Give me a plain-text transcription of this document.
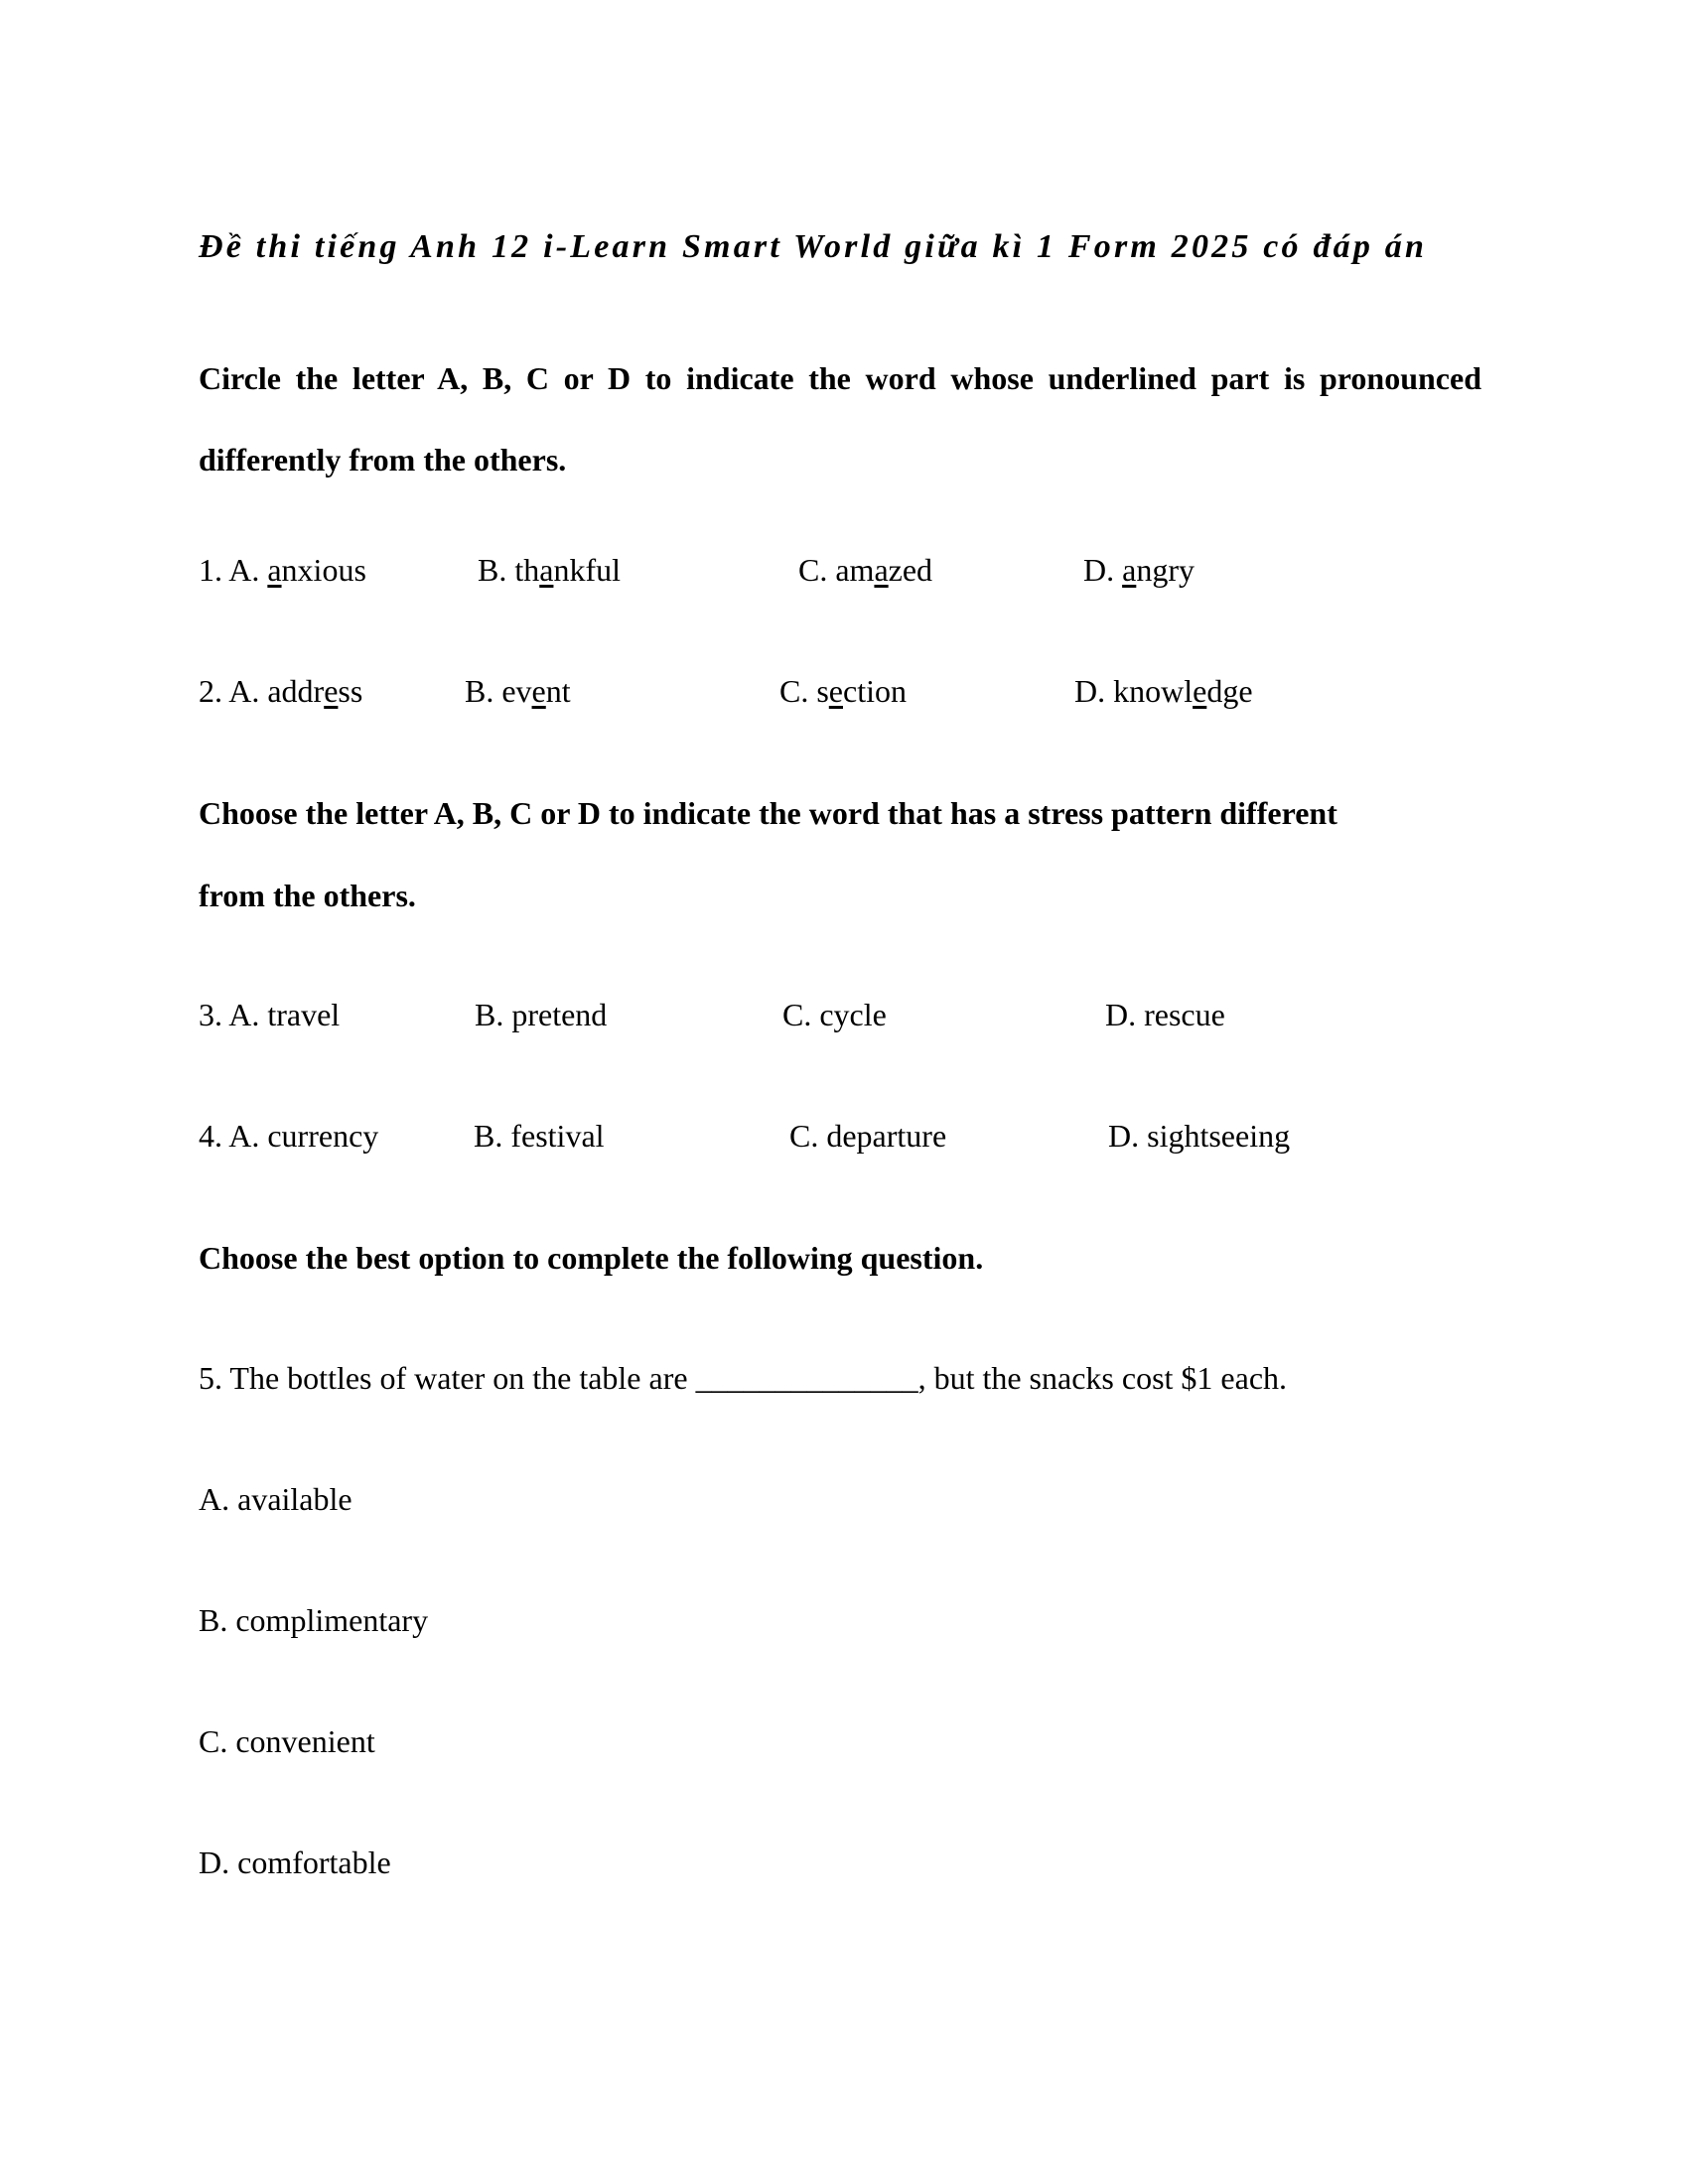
Đề thi tiếng Anh 12 i-Learn Smart World giữa kì 1 Form 2025 có đáp án
Circle the letter A, B, C or D to indicate the word whose underlined part is pronounced differently from the others.
1. A. anxious	B. thankful	C. amazed	D. angry
2. A. address	B. event	C. section	D. knowledge
Choose the letter A, B, C or D to indicate the word that has a stress pattern different
from the others.
3. A. travel	B. pretend	C. cycle	D. rescue
4. A. currency	B. festival	C. departure	D. sightseeing
Choose the best option to complete the following question.
5. The bottles of water on the table are ______________, but the snacks cost $1 each.
A. available
B. complimentary
C. convenient
D. comfortable
